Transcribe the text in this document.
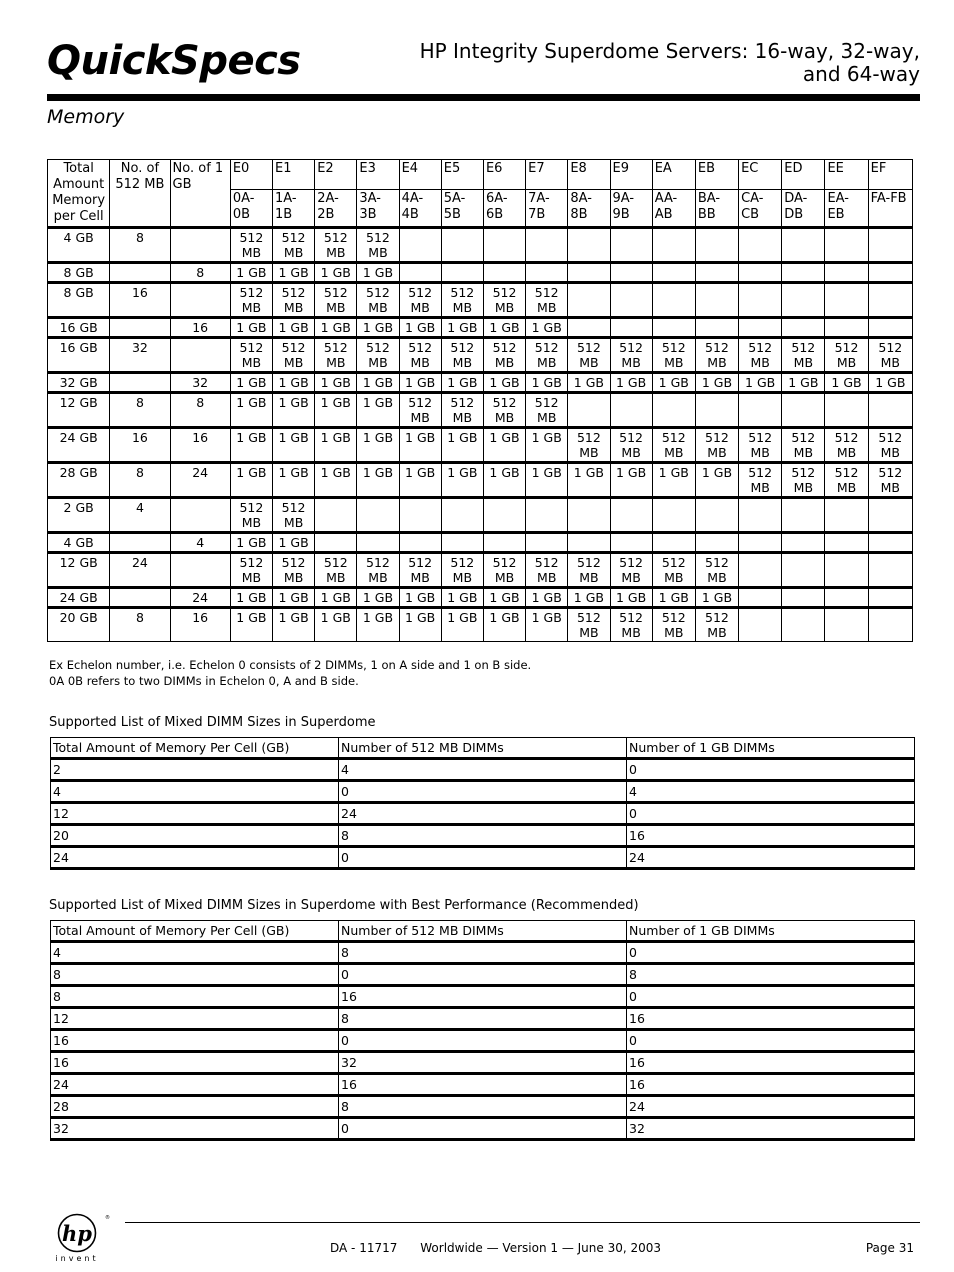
QuickSpecs	HP Integrity Superdome Servers: 16-way, 32-way, and 64-way
Memory
Total Amount Memory per Cell	No. of 512 MB	No. of 1 GB	E0	E1	E2	E3	E4	E5	E6	E7	E8	E9	EA	EB	EC	ED	EE	EF
			0A- 0B	1A- 1B	2A- 2B	3A-3B	4A- 4B	5A- 5B	6A- 6B	7A- 7B	8A- 8B	9A-9B	AA- AB	BA-BB	CA- CB	DA- DB	EA-EB	FA-FB
4 GB	8		512 MB	512 MB	512 MB	512 MB												
8 GB		8	1 GB	1 GB	1 GB	1 GB												
8 GB	16		512 MB	512 MB	512 MB	512 MB	512 MB	512 MB	512 MB	512 MB								
16 GB		16	1 GB	1 GB	1 GB	1 GB	1 GB	1 GB	1 GB	1 GB								
16 GB	32		512 MB	512 MB	512 MB	512 MB	512 MB	512 MB	512 MB	512 MB	512 MB	512 MB	512 MB	512 MB	512 MB	512 MB	512 MB	512 MB
32 GB		32	1 GB	1 GB	1 GB	1 GB	1 GB	1 GB	1 GB	1 GB	1 GB	1 GB	1 GB	1 GB	1 GB	1 GB	1 GB	1 GB
12 GB	8	8	1 GB	1 GB	1 GB	1 GB	512 MB	512 MB	512 MB	512 MB								
24 GB	16	16	1 GB	1 GB	1 GB	1 GB	1 GB	1 GB	1 GB	1 GB	512 MB	512 MB	512 MB	512 MB	512 MB	512 MB	512 MB	512 MB
28 GB	8	24	1 GB	1 GB	1 GB	1 GB	1 GB	1 GB	1 GB	1 GB	1 GB	1 GB	1 GB	1 GB	512 MB	512 MB	512 MB	512 MB
2 GB	4		512 MB	512 MB														
4 GB		4	1 GB	1 GB														
12 GB	24		512 MB	512 MB	512 MB	512 MB	512 MB	512 MB	512 MB	512 MB	512 MB	512 MB	512 MB	512 MB				
24 GB		24	1 GB	1 GB	1 GB	1 GB	1 GB	1 GB	1 GB	1 GB	1 GB	1 GB	1 GB	1 GB				
20 GB	8	16	1 GB	1 GB	1 GB	1 GB	1 GB	1 GB	1 GB	1 GB	512 MB	512 MB	512 MB	512 MB				
Ex Echelon number, i.e. Echelon 0 consists of 2 DIMMs, 1 on A side and 1 on B side.
0A 0B refers to two DIMMs in Echelon 0, A and B side.
Supported List of Mixed DIMM Sizes in Superdome
Total Amount of Memory Per Cell (GB)	Number of 512 MB DIMMs	Number of 1 GB DIMMs
2	4	0
4	0	4
12	24	0
20	8	16
24	0	24
Supported List of Mixed DIMM Sizes in Superdome with Best Performance (Recommended)
Total Amount of Memory Per Cell (GB)	Number of 512 MB DIMMs	Number of 1 GB DIMMs
4	8	0
8	0	8
8	16	0
12	8	16
16	0	0
16	32	16
24	16	16
28	8	24
32	0	32
hp
®
invent
DA - 11717 Worldwide — Version 1 — June 30, 2003	Page 31
